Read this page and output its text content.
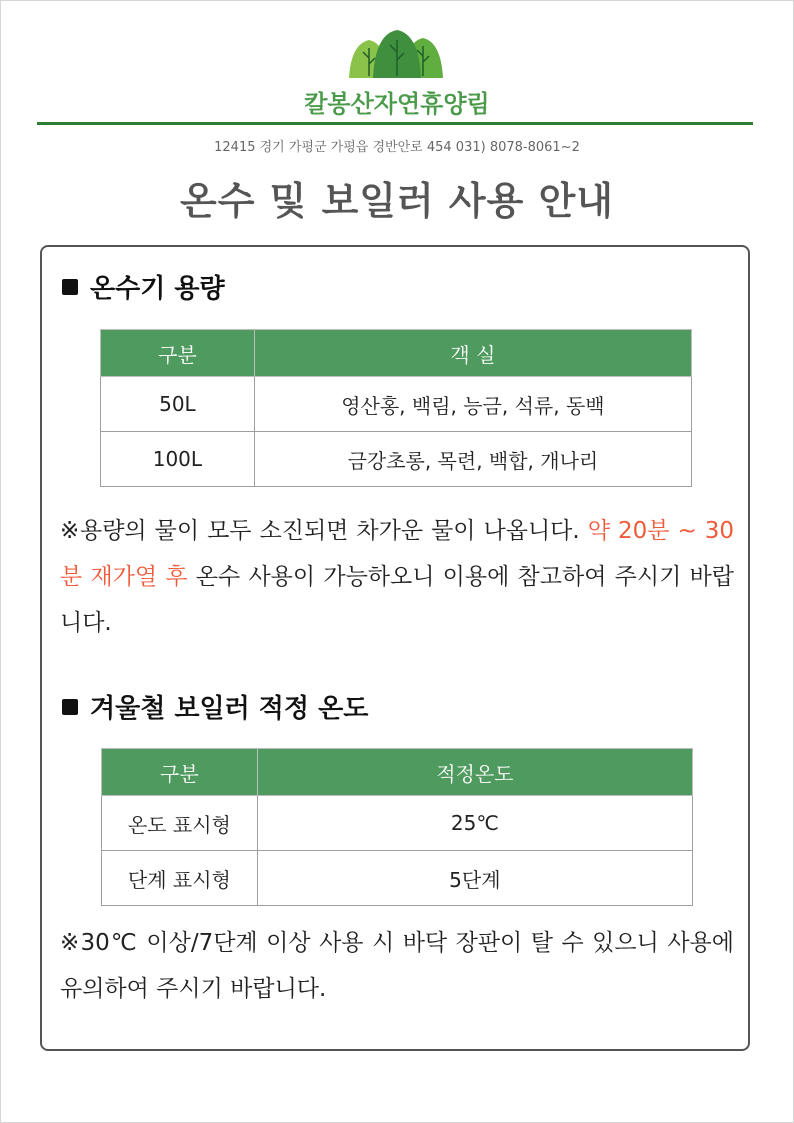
칼봉산자연휴양림
12415 경기 가평군 가평읍 경반안로 454 031) 8078-8061~2
온수 및 보일러 사용 안내
온수기 용량
구분	객 실
50L	영산홍, 백림, 능금, 석류, 동백
100L	금강초롱, 목련, 백합, 개나리
※용량의 물이 모두 소진되면 차가운 물이 나옵니다. 약 20분 ~ 30분 재가열 후 온수 사용이 가능하오니 이용에 참고하여 주시기 바랍니다.
겨울철 보일러 적정 온도
구분	적정온도
온도 표시형	25℃
단계 표시형	5단계
※30℃ 이상/7단계 이상 사용 시 바닥 장판이 탈 수 있으니 사용에 유의하여 주시기 바랍니다.
